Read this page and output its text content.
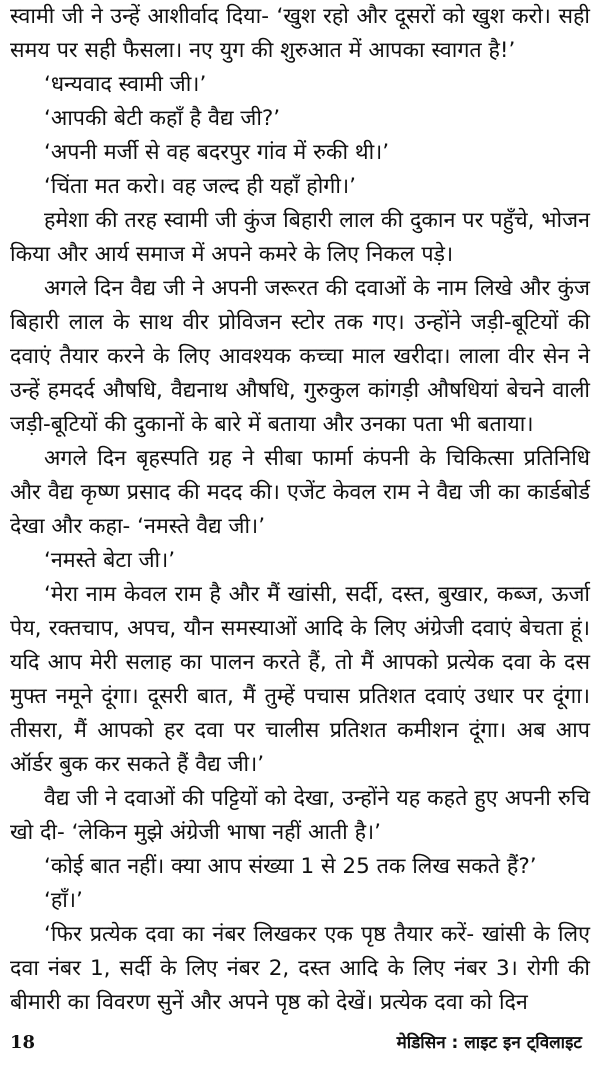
स्वामी जी ने उन्हें आशीर्वाद दिया- ‘खुश रहो और दूसरों को खुश करो। सही समय पर सही फैसला। नए युग की शुरुआत में आपका स्वागत है!’

‘धन्यवाद स्वामी जी।’

‘आपकी बेटी कहाँ है वैद्य जी?’

‘अपनी मर्जी से वह बदरपुर गांव में रुकी थी।’

‘चिंता मत करो। वह जल्द ही यहाँ होगी।’

हमेशा की तरह स्वामी जी कुंज बिहारी लाल की दुकान पर पहुँचे, भोजन किया और आर्य समाज में अपने कमरे के लिए निकल पड़े।

अगले दिन वैद्य जी ने अपनी जरूरत की दवाओं के नाम लिखे और कुंज बिहारी लाल के साथ वीर प्रोविजन स्टोर तक गए। उन्होंने जड़ी-बूटियों की दवाएं तैयार करने के लिए आवश्यक कच्चा माल खरीदा। लाला वीर सेन ने उन्हें हमदर्द औषधि, वैद्यनाथ औषधि, गुरुकुल कांगड़ी औषधियां बेचने वाली जड़ी-बूटियों की दुकानों के बारे में बताया और उनका पता भी बताया।

अगले दिन बृहस्पति ग्रह ने सीबा फार्मा कंपनी के चिकित्सा प्रतिनिधि और वैद्य कृष्ण प्रसाद की मदद की। एजेंट केवल राम ने वैद्य जी का कार्डबोर्ड देखा और कहा- ‘नमस्ते वैद्य जी।’

‘नमस्ते बेटा जी।’

‘मेरा नाम केवल राम है और मैं खांसी, सर्दी, दस्त, बुखार, कब्ज, ऊर्जा पेय, रक्तचाप, अपच, यौन समस्याओं आदि के लिए अंग्रेजी दवाएं बेचता हूं। यदि आप मेरी सलाह का पालन करते हैं, तो मैं आपको प्रत्येक दवा के दस मुफ्त नमूने दूंगा। दूसरी बात, मैं तुम्हें पचास प्रतिशत दवाएं उधार पर दूंगा। तीसरा, मैं आपको हर दवा पर चालीस प्रतिशत कमीशन दूंगा। अब आप ऑर्डर बुक कर सकते हैं वैद्य जी।’

वैद्य जी ने दवाओं की पट्टियों को देखा, उन्होंने यह कहते हुए अपनी रुचि खो दी- ‘लेकिन मुझे अंग्रेजी भाषा नहीं आती है।’

‘कोई बात नहीं। क्या आप संख्या 1 से 25 तक लिख सकते हैं?’

‘हाँ।’

‘फिर प्रत्येक दवा का नंबर लिखकर एक पृष्ठ तैयार करें- खांसी के लिए दवा नंबर 1, सर्दी के लिए नंबर 2, दस्त आदि के लिए नंबर 3। रोगी की बीमारी का विवरण सुनें और अपने पृष्ठ को देखें। प्रत्येक दवा को दिन

18	मेडिसिन : लाइट इन ट्विलाइट
